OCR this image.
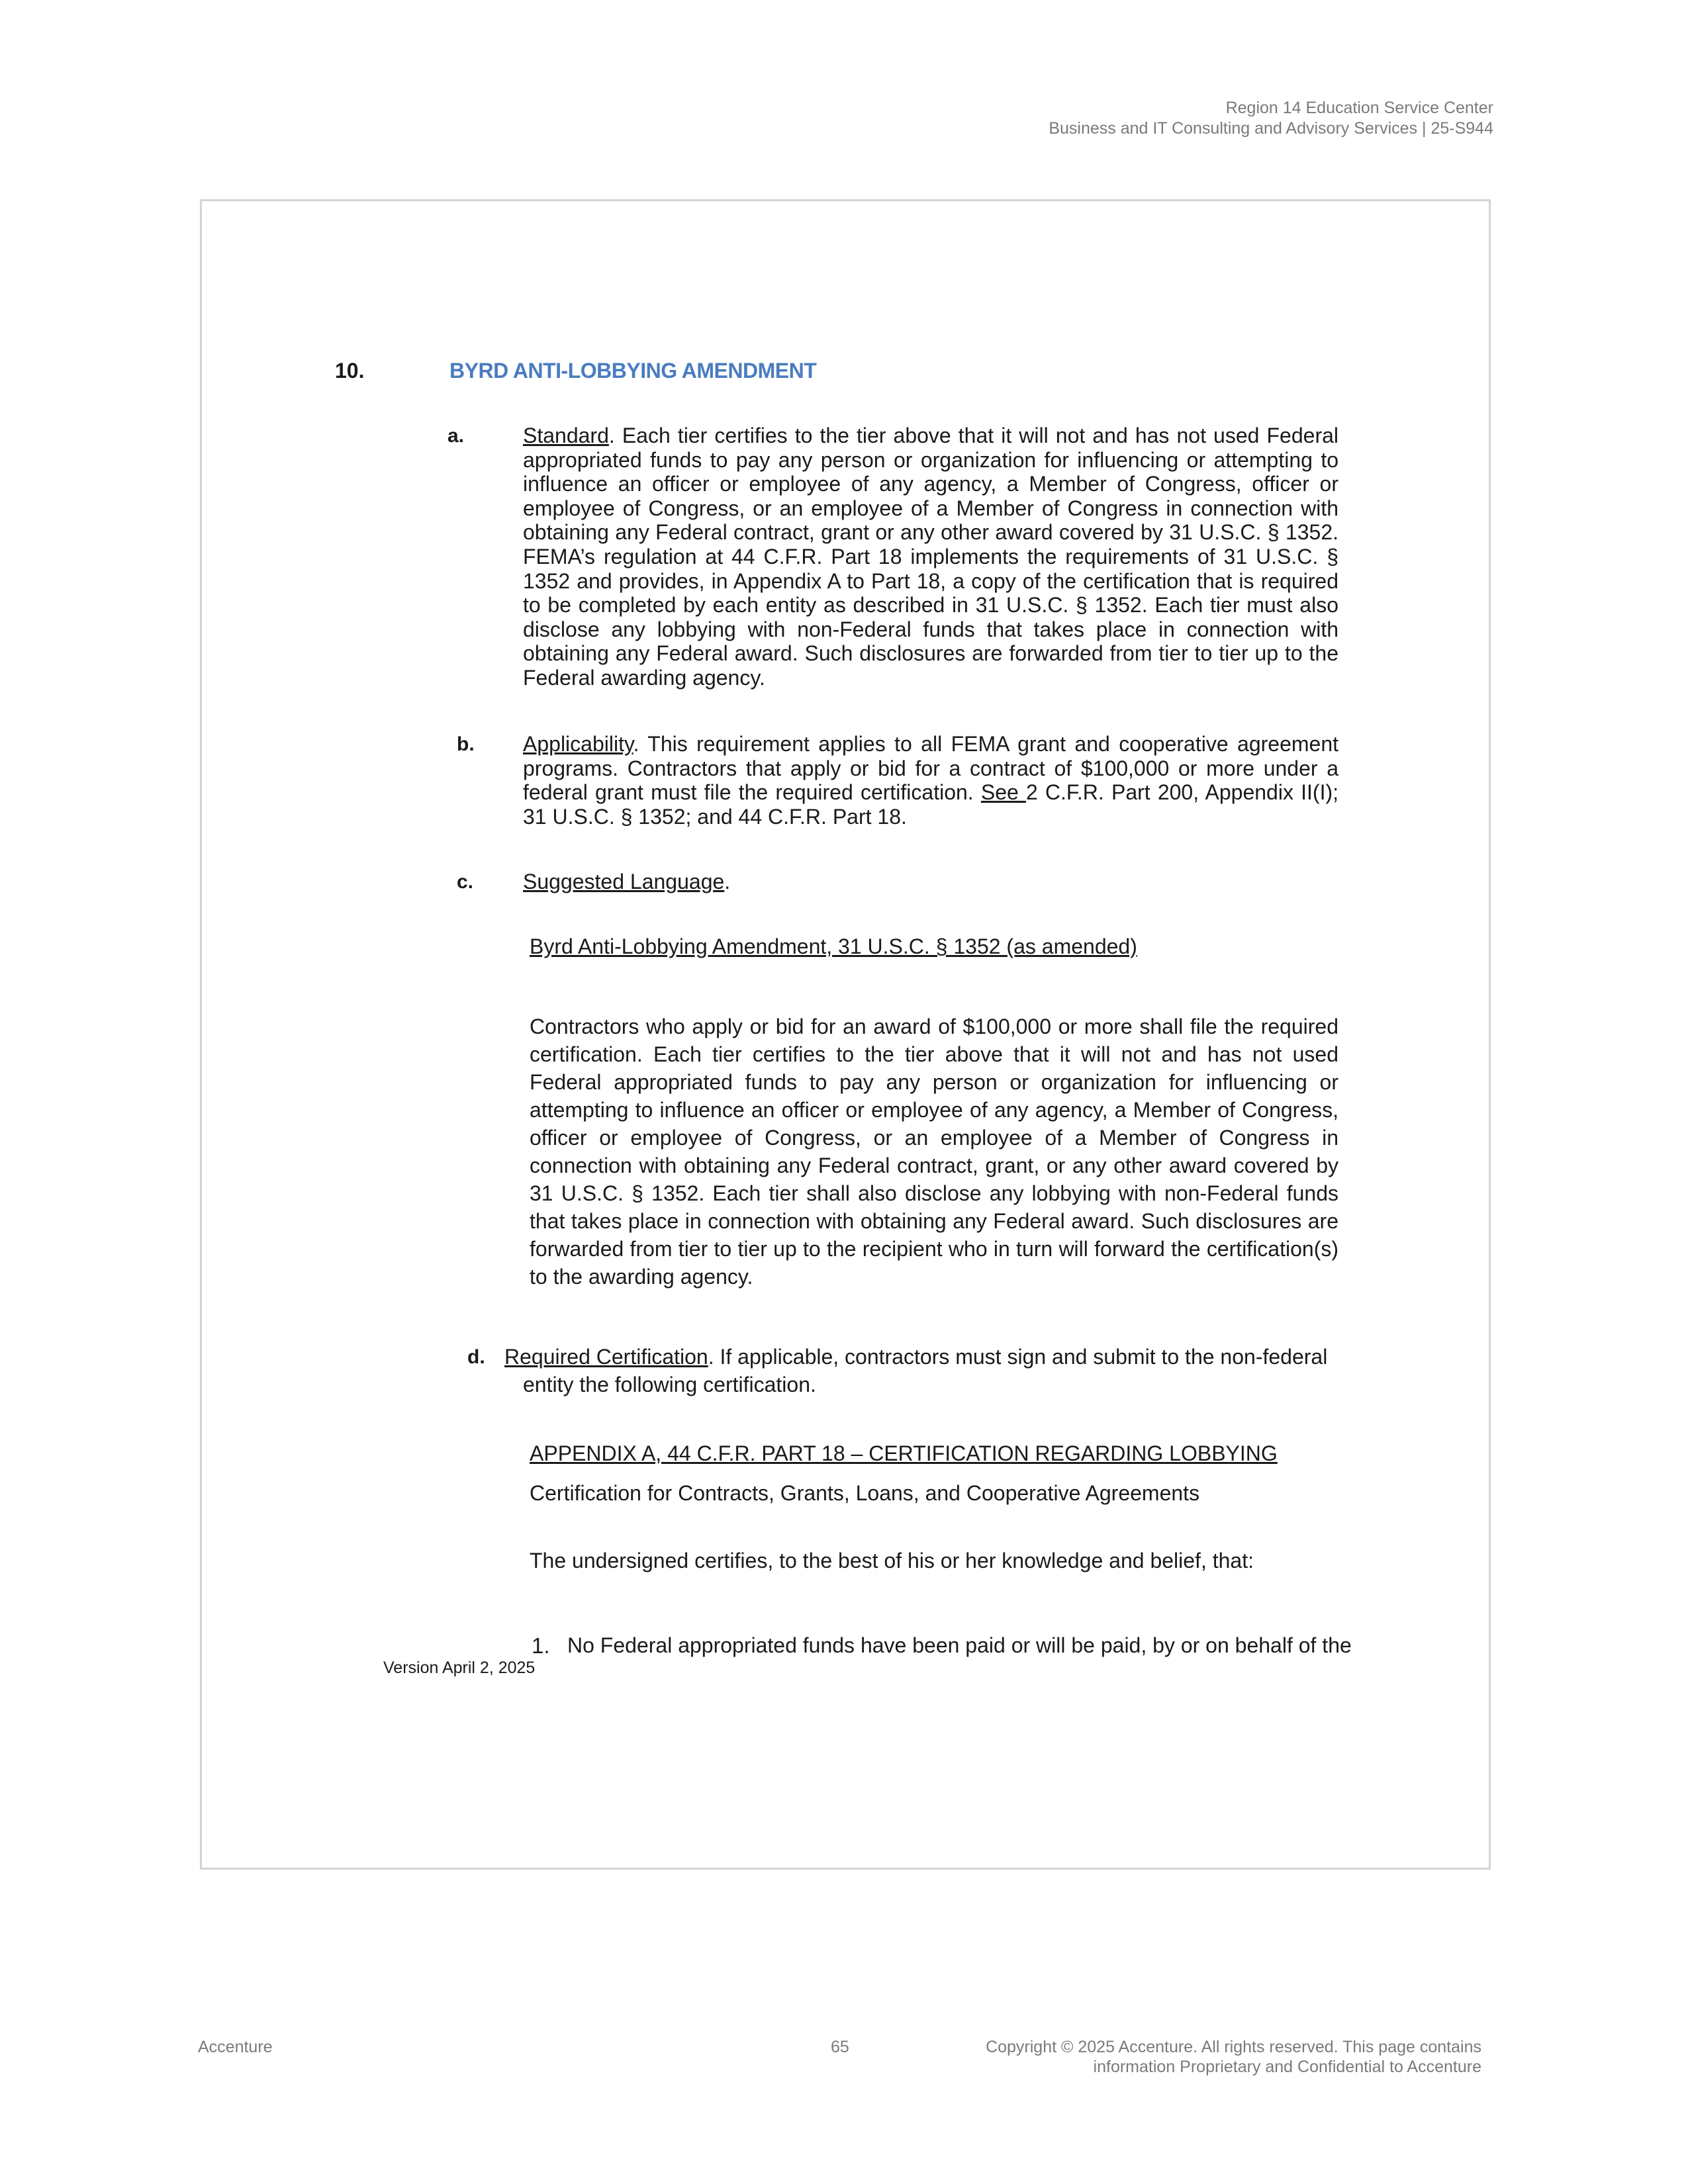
Region 14 Education Service Center
Business and IT Consulting and Advisory Services | 25-S944
10.	BYRD ANTI-LOBBYING AMENDMENT
a.	Standard. Each tier certifies to the tier above that it will not and has not used Federal appropriated funds to pay any person or organization for influencing or attempting to influence an officer or employee of any agency, a Member of Congress, officer or employee of Congress, or an employee of a Member of Congress in connection with obtaining any Federal contract, grant or any other award covered by 31 U.S.C. § 1352. FEMA’s regulation at 44 C.F.R. Part 18 implements the requirements of 31 U.S.C. § 1352 and provides, in Appendix A to Part 18, a copy of the certification that is required to be completed by each entity as described in 31 U.S.C. § 1352. Each tier must also disclose any lobbying with non-Federal funds that takes place in connection with obtaining any Federal award. Such disclosures are forwarded from tier to tier up to the Federal awarding agency.
b. Applicability. This requirement applies to all FEMA grant and cooperative agreement programs. Contractors that apply or bid for a contract of $100,000 or more under a federal grant must file the required certification. See 2 C.F.R. Part 200, Appendix II(I); 31 U.S.C. § 1352; and 44 C.F.R. Part 18.
c. Suggested Language.
Byrd Anti-Lobbying Amendment, 31 U.S.C. § 1352 (as amended)
Contractors who apply or bid for an award of $100,000 or more shall file the required certification. Each tier certifies to the tier above that it will not and has not used Federal appropriated funds to pay any person or organization for influencing or attempting to influence an officer or employee of any agency, a Member of Congress, officer or employee of Congress, or an employee of a Member of Congress in connection with obtaining any Federal contract, grant, or any other award covered by 31 U.S.C. § 1352. Each tier shall also disclose any lobbying with non-Federal funds that takes place in connection with obtaining any Federal award. Such disclosures are forwarded from tier to tier up to the recipient who in turn will forward the certification(s) to the awarding agency.
d. Required Certification. If applicable, contractors must sign and submit to the non-federal
entity the following certification.
APPENDIX A, 44 C.F.R. PART 18 – CERTIFICATION REGARDING LOBBYING
Certification for Contracts, Grants, Loans, and Cooperative Agreements
The undersigned certifies, to the best of his or her knowledge and belief, that:
1. No Federal appropriated funds have been paid or will be paid, by or on behalf of the
Version April 2, 2025
Accenture	65	Copyright © 2025 Accenture. All rights reserved. This page contains
information Proprietary and Confidential to Accenture
